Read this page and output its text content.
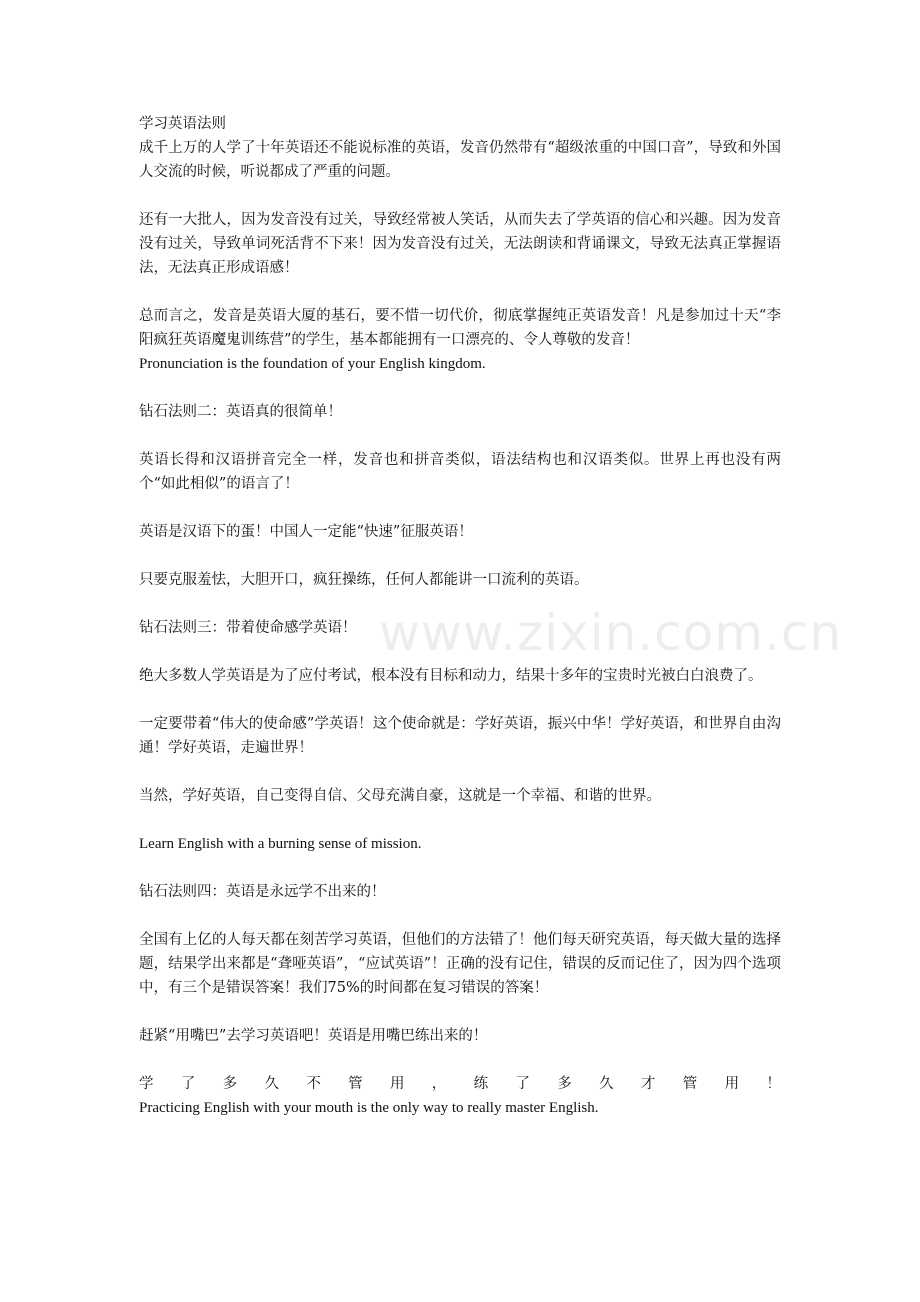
学习英语法则
成千上万的人学了十年英语还不能说标准的英语，发音仍然带有“超级浓重的中国口音”，导致和外国人交流的时候，听说都成了严重的问题。

还有一大批人，因为发音没有过关，导致经常被人笑话，从而失去了学英语的信心和兴趣。因为发音没有过关，导致单词死活背不下来！因为发音没有过关，无法朗读和背诵课文，导致无法真正掌握语法，无法真正形成语感！

总而言之，发音是英语大厦的基石，要不惜一切代价，彻底掌握纯正英语发音！凡是参加过十天“李阳疯狂英语魔鬼训练营”的学生，基本都能拥有一口漂亮的、令人尊敬的发音！
Pronunciation is the foundation of your English kingdom.

钻石法则二：英语真的很简单！

英语长得和汉语拼音完全一样，发音也和拼音类似，语法结构也和汉语类似。世界上再也没有两个“如此相似”的语言了！

英语是汉语下的蛋！中国人一定能“快速”征服英语！

只要克服羞怯，大胆开口，疯狂操练，任何人都能讲一口流利的英语。

钻石法则三：带着使命感学英语！

绝大多数人学英语是为了应付考试，根本没有目标和动力，结果十多年的宝贵时光被白白浪费了。

一定要带着“伟大的使命感”学英语！这个使命就是：学好英语，振兴中华！学好英语，和世界自由沟通！学好英语，走遍世界！

当然，学好英语，自己变得自信、父母充满自豪，这就是一个幸福、和谐的世界。

Learn English with a burning sense of mission.

钻石法则四：英语是永远学不出来的！

全国有上亿的人每天都在刻苦学习英语，但他们的方法错了！他们每天研究英语，每天做大量的选择题，结果学出来都是“聋哑英语”，“应试英语”！正确的没有记住，错误的反而记住了，因为四个选项中，有三个是错误答案！我们75%的时间都在复习错误的答案！

赶紧“用嘴巴”去学习英语吧！英语是用嘴巴练出来的！

学 了 多 久 不 管 用 ， 练 了 多 久 才 管 用 ！
Practicing English with your mouth is the only way to really master English.
www.zixin.com.cn
